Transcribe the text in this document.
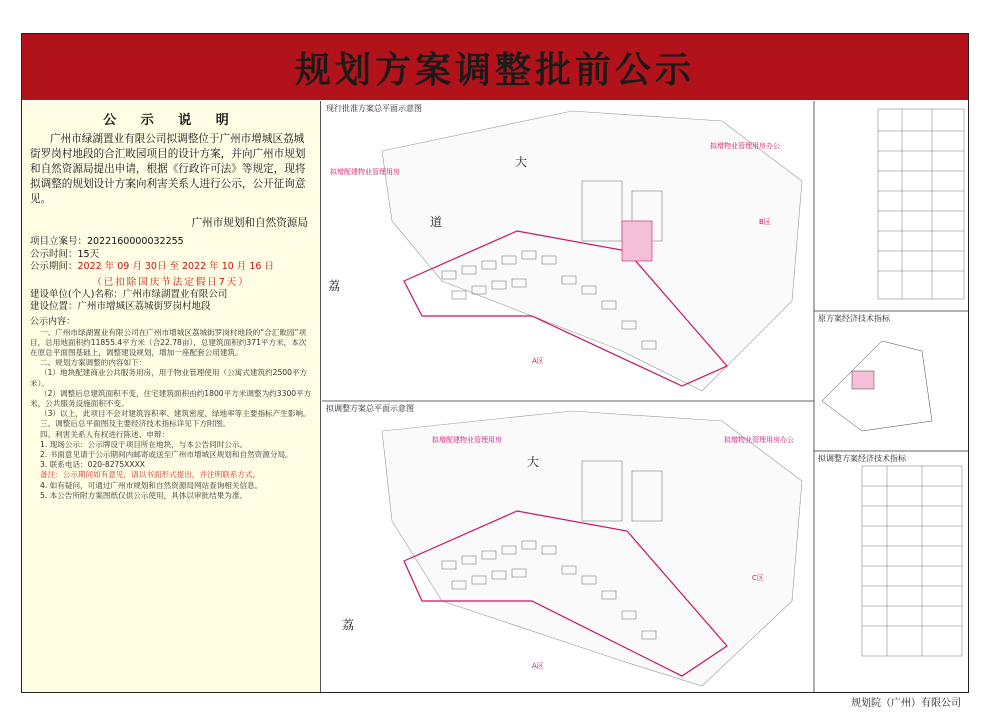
规划方案调整批前公示
公 示 说 明

广州市绿湖置业有限公司拟调整位于广州市增城区荔城街罗岗村地段的合汇畋园项目的设计方案，并向广州市规划和自然资源局提出申请，根据《行政许可法》等规定，现将拟调整的规划设计方案向利害关系人进行公示，公开征询意见。

广州市规划和自然资源局

项目立案号：2022160000032255

公示时间：15天

公示期间：2022 年 09 月 30日 至 2022 年 10 月 16 日

（已扣除国庆节法定假日7天）

建设单位(个人)名称：广州市绿湖置业有限公司

建设位置：广州市增城区荔城街罗岗村地段

公示内容：

一、广州市绿湖置业有限公司在广州市增城区荔城街罗岗村地段的“合汇畋园”项目，总用地面积约11855.4平方米（合22.78亩），总建筑面积约371平方米，本次在原总平面图基础上，调整建设规划，增加一座配套公用建筑。

二、规划方案调整的内容如下：

（1）地块配建商业公共服务用房，用于物业管理使用（公寓式建筑约2500平方米）。

（2）调整后总建筑面积不变，住宅建筑面积由约1800平方米调整为约3300平方米，公共服务设施面积不变。

（3）以上，此项目不会对建筑容积率、建筑密度、绿地率等主要指标产生影响。

三、调整后总平面图及主要经济技术指标详见下方附图。

四、利害关系人有权进行陈述、申辩：

1. 现场公示：公示牌设于项目所在地块，与本公告同时公示。

2. 书面意见请于公示期间内邮寄或送至广州市增城区规划和自然资源分局。

3. 联系电话：020-8275XXXX

备注：公示期间如有意见，请以书面形式提出，并注明联系方式。

4. 如有疑问，可通过广州市规划和自然资源局网站查询相关信息。

5. 本公告所附方案图纸仅供公示使用，具体以审批结果为准。

现行批准方案总平面示意图
拟调整方案总平面示意图
原方案经济技术指标
拟调整方案经济技术指标
大
道
荔
大
荔
拟增配建物业管理用房
拟增物业管理用房办公
拟增配建物业管理用房	拟增物业管理用房办公
A区
B区
A区
C区
规划院（广州）有限公司
